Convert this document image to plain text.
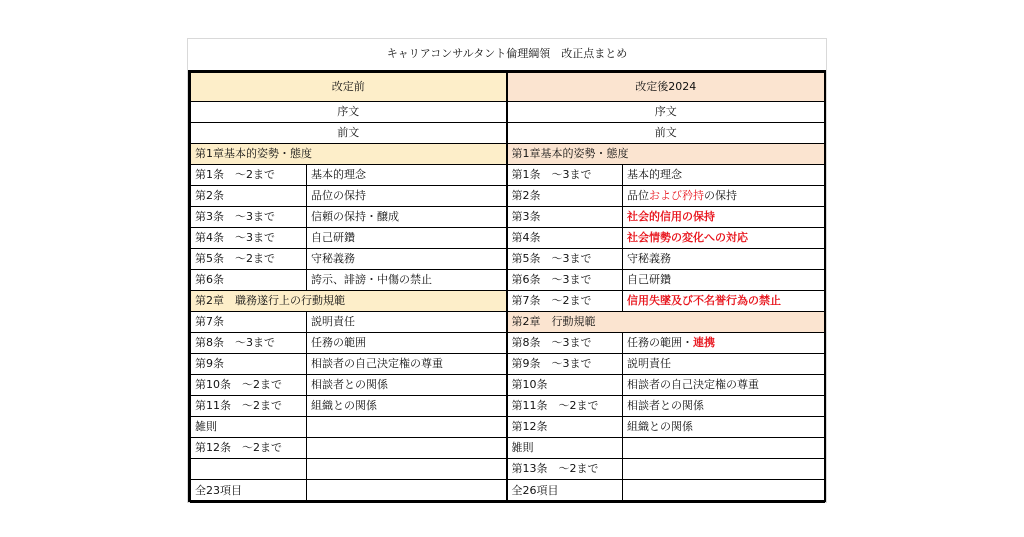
キャリアコンサルタント倫理綱領　改正点まとめ
改定前		改定後2024	
序文		序文	
前文		前文	
第1章基本的姿勢・態度		第1章基本的姿勢・態度	
第1条　～2まで	基本的理念	第1条　～3まで	基本的理念
第2条	品位の保持	第2条	品位および矜持の保持
第3条　～3まで	信頼の保持・醸成	第3条	社会的信用の保持
第4条　～3まで	自己研鑽	第4条	社会情勢の変化への対応
第5条　～2まで	守秘義務	第5条　～3まで	守秘義務
第6条	誇示、誹謗・中傷の禁止	第6条　～3まで	自己研鑽
第2章　職務遂行上の行動規範		第7条　～2まで	信用失墜及び不名誉行為の禁止
第7条	説明責任	第2章　行動規範	
第8条　～3まで	任務の範囲	第8条　～3まで	任務の範囲・連携
第9条	相談者の自己決定権の尊重	第9条　～3まで	説明責任
第10条　～2まで	相談者との関係	第10条	相談者の自己決定権の尊重
第11条　～2まで	組織との関係	第11条　～2まで	相談者との関係
雑則		第12条	組織との関係
第12条　～2まで		雑則	
		第13条　～2まで	
全23項目		全26項目	
